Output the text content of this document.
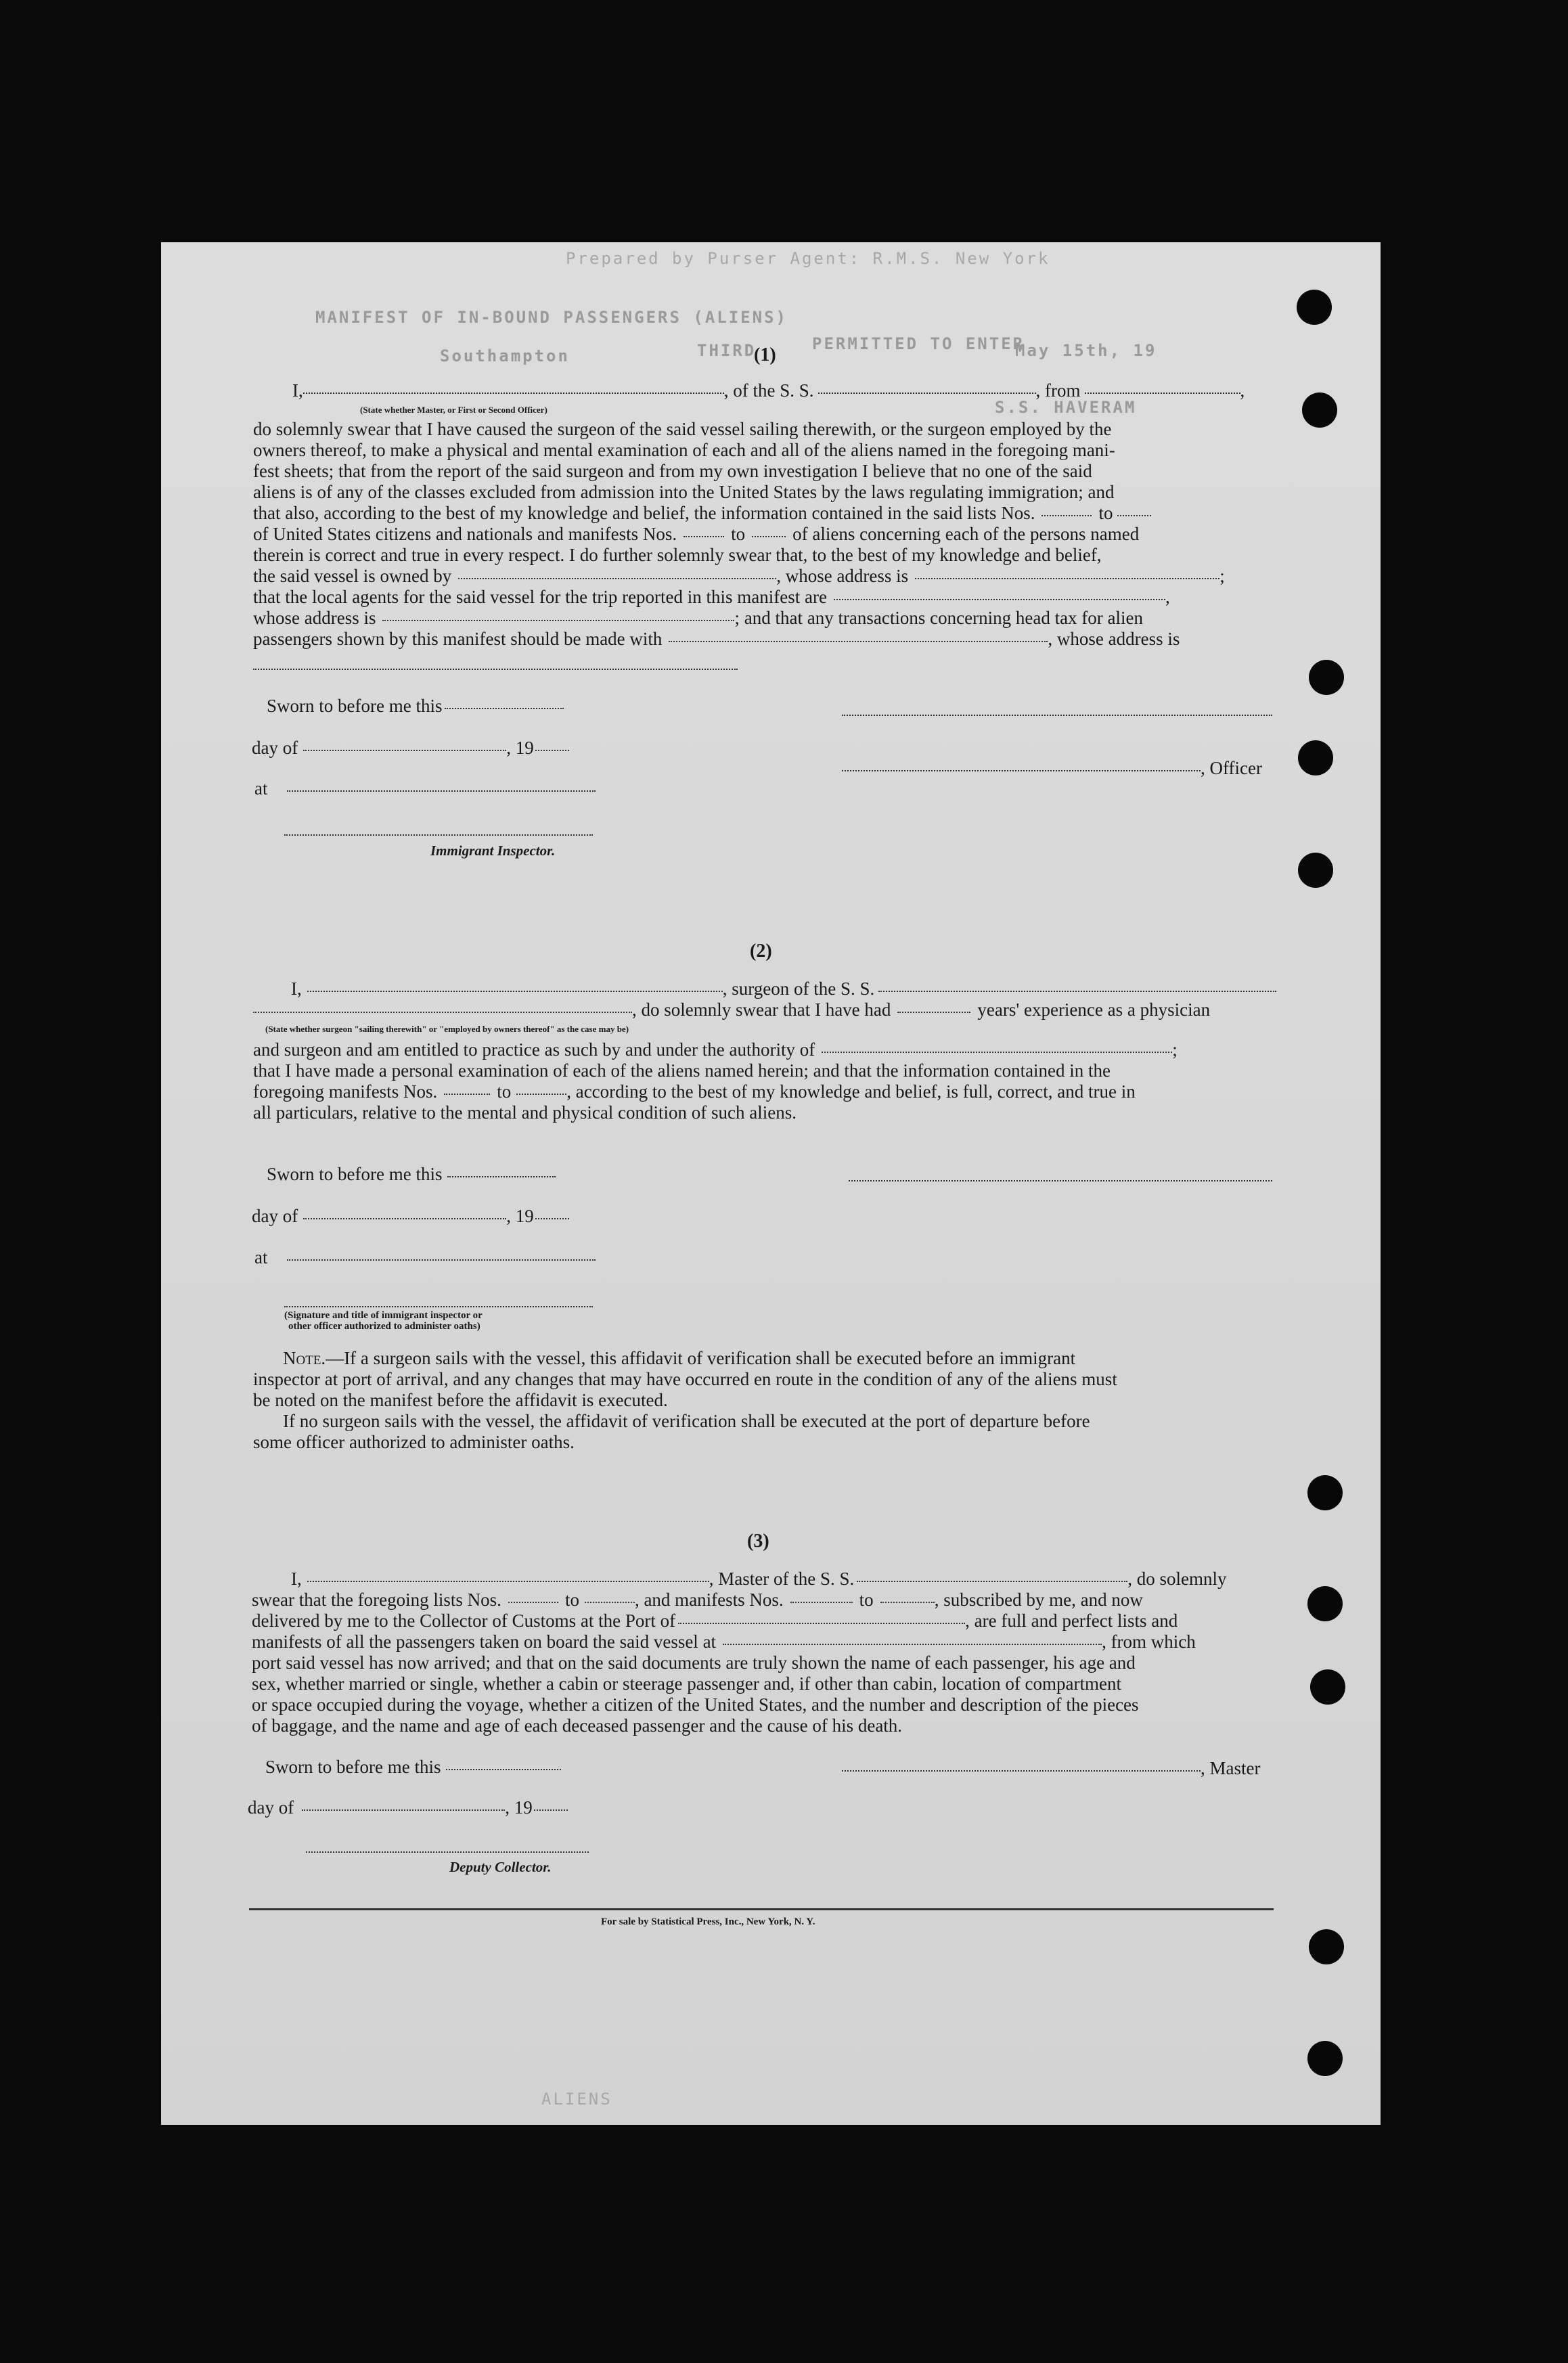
Prepared by Purser Agent: R.M.S. New York
MANIFEST OF IN-BOUND PASSENGERS (ALIENS)
THIRD
Southampton	May 15th, 19
PERMITTED TO ENTER
S.S. HAVERAM
ALIENS
(1)
I,	, of the S. S.	, from	,
(State whether Master, or First or Second Officer)
do solemnly swear that I have caused the surgeon of the said vessel sailing therewith, or the surgeon employed by the
owners thereof, to make a physical and mental examination of each and all of the aliens named in the foregoing mani-
fest sheets; that from the report of the said surgeon and from my own investigation I believe that no one of the said
aliens is of any of the classes excluded from admission into the United States by the laws regulating immigration; and
that also, according to the best of my knowledge and belief, the information contained in the said lists Nos.	to
of United States citizens and nationals and manifests Nos.	to	of aliens concerning each of the persons named
therein is correct and true in every respect. I do further solemnly swear that, to the best of my knowledge and belief,
the said vessel is owned by	, whose address is	;
that the local agents for the said vessel for the trip reported in this manifest are	,
whose address is	; and that any transactions concerning head tax for alien
passengers shown by this manifest should be made with	, whose address is
Sworn to before me this
day of	, 19
at
Immigrant Inspector.
, Officer
(2)
I,	, surgeon of the S. S.
, do solemnly swear that I have had	years' experience as a physician
(State whether surgeon "sailing therewith" or "employed by owners thereof" as the case may be)
and surgeon and am entitled to practice as such by and under the authority of	;
that I have made a personal examination of each of the aliens named herein; and that the information contained in the
foregoing manifests Nos.	to	, according to the best of my knowledge and belief, is full, correct, and true in
all particulars, relative to the mental and physical condition of such aliens.
Sworn to before me this
day of	, 19
at
(Signature and title of immigrant inspector or
other officer authorized to administer oaths)
Note.—If a surgeon sails with the vessel, this affidavit of verification shall be executed before an immigrant
inspector at port of arrival, and any changes that may have occurred en route in the condition of any of the aliens must
be noted on the manifest before the affidavit is executed.
If no surgeon sails with the vessel, the affidavit of verification shall be executed at the port of departure before
some officer authorized to administer oaths.
(3)
I,	, Master of the S. S.	, do solemnly
swear that the foregoing lists Nos.	to	, and manifests Nos.	to	, subscribed by me, and now
delivered by me to the Collector of Customs at the Port of	, are full and perfect lists and
manifests of all the passengers taken on board the said vessel at	, from which
port said vessel has now arrived; and that on the said documents are truly shown the name of each passenger, his age and
sex, whether married or single, whether a cabin or steerage passenger and, if other than cabin, location of compartment
or space occupied during the voyage, whether a citizen of the United States, and the number and description of the pieces
of baggage, and the name and age of each deceased passenger and the cause of his death.
Sworn to before me this	, Master
day of	, 19
Deputy Collector.
For sale by Statistical Press, Inc., New York, N. Y.
